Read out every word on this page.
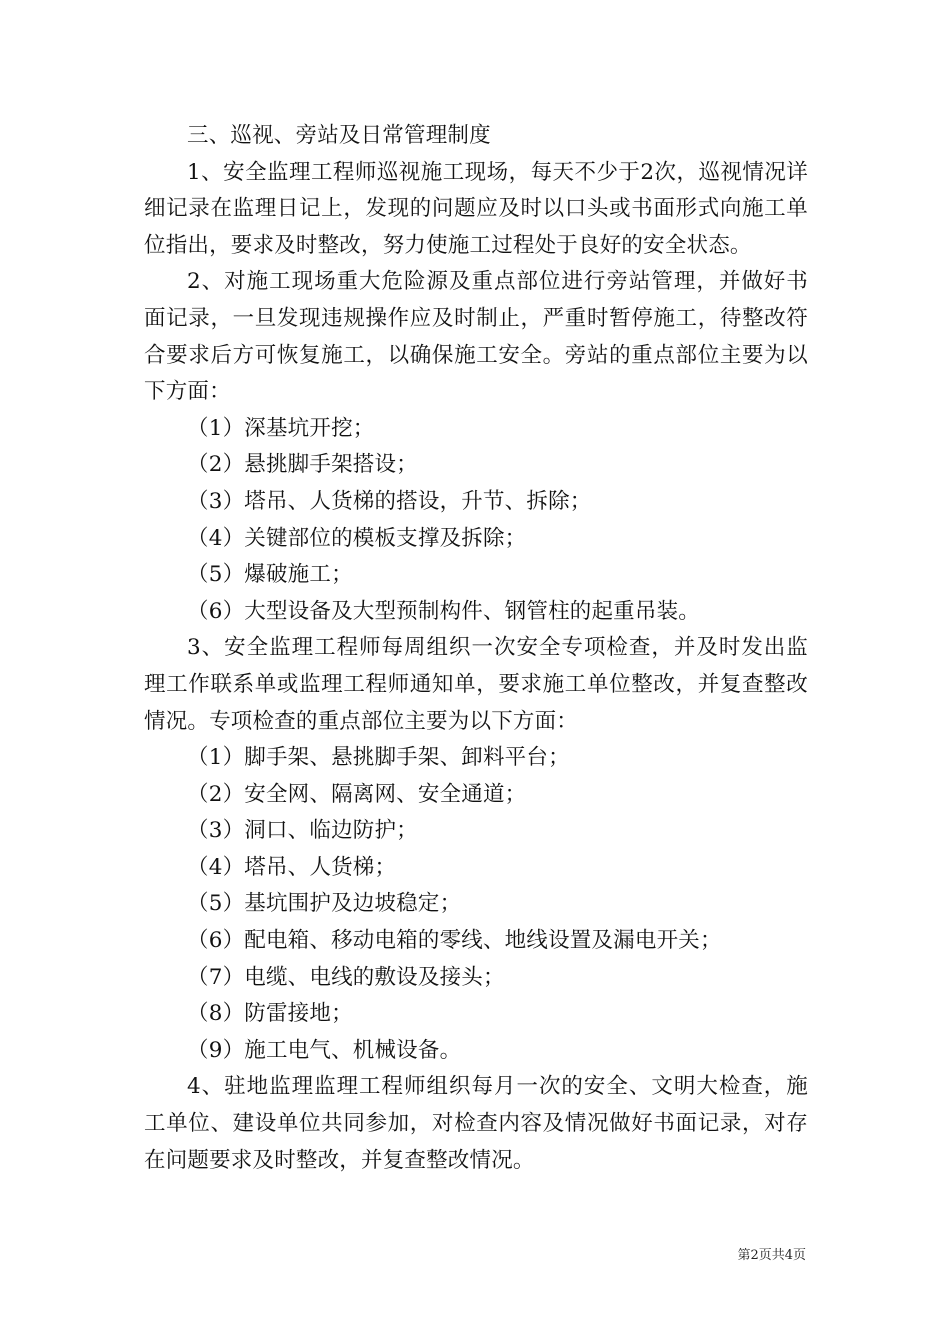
三、巡视、旁站及日常管理制度

1、安全监理工程师巡视施工现场，每天不少于2次，巡视情况详细记录在监理日记上，发现的问题应及时以口头或书面形式向施工单位指出，要求及时整改，努力使施工过程处于良好的安全状态。

2、对施工现场重大危险源及重点部位进行旁站管理，并做好书面记录，一旦发现违规操作应及时制止，严重时暂停施工，待整改符合要求后方可恢复施工，以确保施工安全。旁站的重点部位主要为以下方面：

（1）深基坑开挖；

（2）悬挑脚手架搭设；

（3）塔吊、人货梯的搭设，升节、拆除；

（4）关键部位的模板支撑及拆除；

（5）爆破施工；

（6）大型设备及大型预制构件、钢管柱的起重吊装。

3、安全监理工程师每周组织一次安全专项检查，并及时发出监理工作联系单或监理工程师通知单，要求施工单位整改，并复查整改情况。专项检查的重点部位主要为以下方面：

（1）脚手架、悬挑脚手架、卸料平台；

（2）安全网、隔离网、安全通道；

（3）洞口、临边防护；

（4）塔吊、人货梯；

（5）基坑围护及边坡稳定；

（6）配电箱、移动电箱的零线、地线设置及漏电开关；

（7）电缆、电线的敷设及接头；

（8）防雷接地；

（9）施工电气、机械设备。

4、驻地监理监理工程师组织每月一次的安全、文明大检查，施工单位、建设单位共同参加，对检查内容及情况做好书面记录，对存在问题要求及时整改，并复查整改情况。

第2页共4页
